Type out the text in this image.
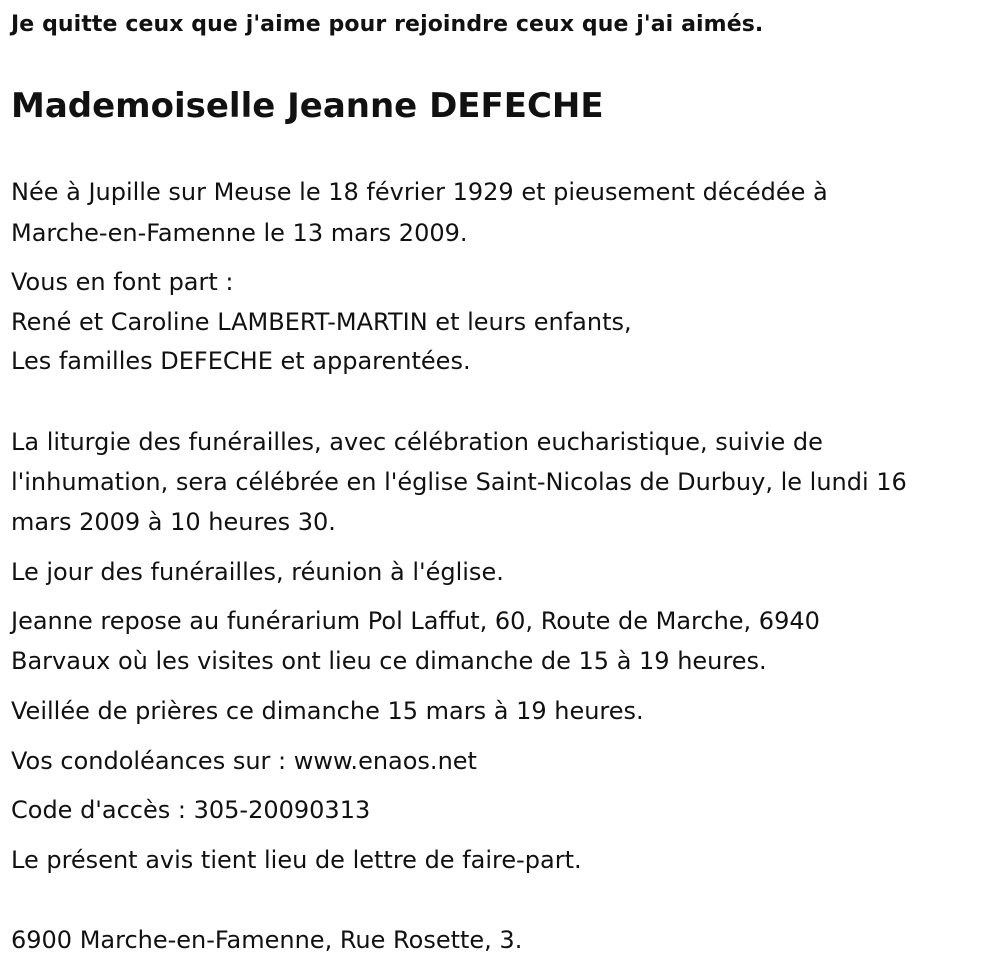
Je quitte ceux que j'aime pour rejoindre ceux que j'ai aimés.
Mademoiselle Jeanne DEFECHE
Née à Jupille sur Meuse le 18 février 1929 et pieusement décédée à
Marche-en-Famenne le 13 mars 2009.
Vous en font part :
René et Caroline LAMBERT-MARTIN et leurs enfants,
Les familles DEFECHE et apparentées.
La liturgie des funérailles, avec célébration eucharistique, suivie de
l'inhumation, sera célébrée en l'église Saint-Nicolas de Durbuy, le lundi 16
mars 2009 à 10 heures 30.
Le jour des funérailles, réunion à l'église.
Jeanne repose au funérarium Pol Laffut, 60, Route de Marche, 6940
Barvaux où les visites ont lieu ce dimanche de 15 à 19 heures.
Veillée de prières ce dimanche 15 mars à 19 heures.
Vos condoléances sur : www.enaos.net
Code d'accès : 305-20090313
Le présent avis tient lieu de lettre de faire-part.
6900 Marche-en-Famenne, Rue Rosette, 3.
